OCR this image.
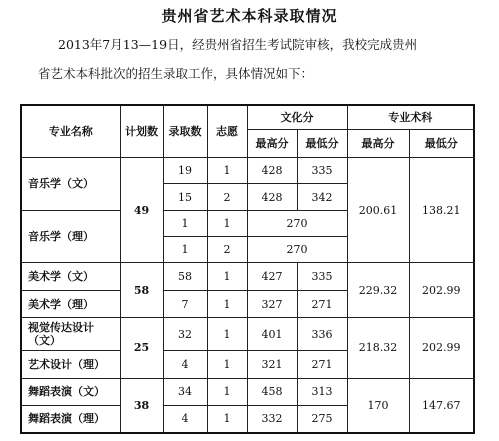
贵州省艺术本科录取情况
2013年7月13—19日，经贵州省招生考试院审核，我校完成贵州
省艺术本科批次的招生录取工作，具体情况如下：
专业名称	计划数	录取数	志愿	文化分		专业术科	
				最高分	最低分	最高分	最低分
音乐学（文）	49	19	1	428	335	200.61	138.21
		15	2	428	342		
音乐学（理）		1	1	270			
		1	2	270			
美术学（文）	58	58	1	427	335	229.32	202.99
美术学（理）		7	1	327	271		
视觉传达设计（文）	25	32	1	401	336	218.32	202.99
艺术设计（理）		4	1	321	271		
舞蹈表演（文）	38	34	1	458	313	170	147.67
舞蹈表演（理）		4	1	332	275		
